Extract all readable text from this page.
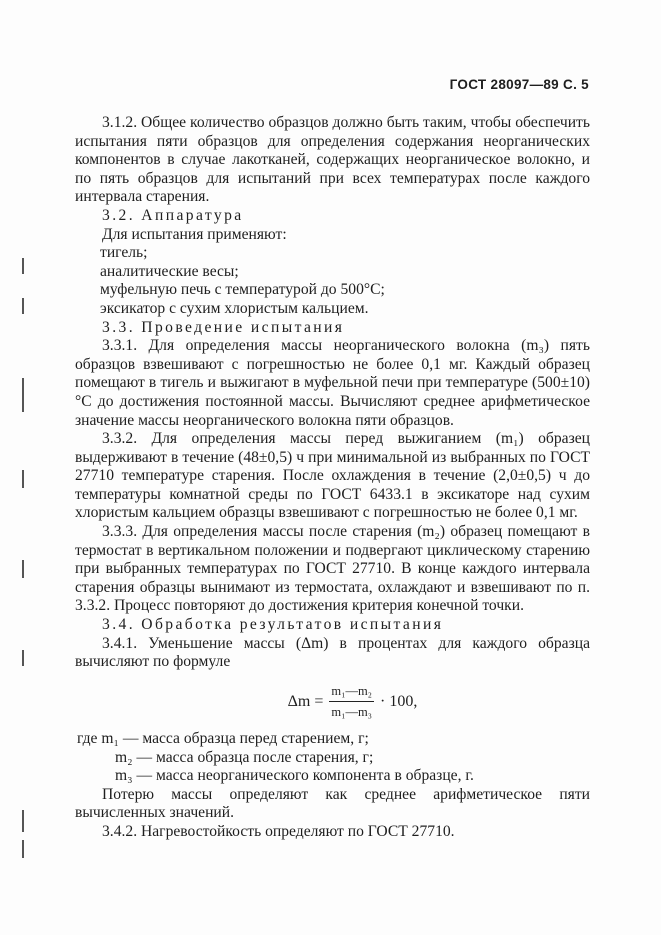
ГОСТ 28097—89 С. 5

3.1.2. Общее количество образцов должно быть таким, чтобы обеспечить испытания пяти образцов для определения содержания неорганических компонентов в случае лакотканей, содержащих неорганическое волокно, и по пять образцов для испытаний при всех температурах после каждого интервала старения.

3.2. Аппаратура

Для испытания применяют:

тигель;

аналитические весы;

муфельную печь с температурой до 500°С;

эксикатор с сухим хлористым кальцием.

3.3. Проведение испытания

3.3.1. Для определения массы неорганического волокна (m₃) пять образцов взвешивают с погрешностью не более 0,1 мг. Каждый образец помещают в тигель и выжигают в муфельной печи при температуре (500±10)°С до достижения постоянной массы. Вычисляют среднее арифметическое значение массы неорганического волокна пяти образцов.

3.3.2. Для определения массы перед выжиганием (m₁) образец выдерживают в течение (48±0,5) ч при минимальной из выбранных по ГОСТ 27710 температуре старения. После охлаждения в течение (2,0±0,5) ч до температуры комнатной среды по ГОСТ 6433.1 в эксикаторе над сухим хлористым кальцием образцы взвешивают с погрешностью не более 0,1 мг.

3.3.3. Для определения массы после старения (m₂) образец помещают в термостат в вертикальном положении и подвергают циклическому старению при выбранных температурах по ГОСТ 27710. В конце каждого интервала старения образцы вынимают из термостата, охлаждают и взвешивают по п. 3.3.2. Процесс повторяют до достижения критерия конечной точки.

3.4. Обработка результатов испытания

3.4.1. Уменьшение массы (Δm) в процентах для каждого образца вычисляют по формуле

$\Delta m = \frac{\text{m₁—m₂}}{\text{m₁—m₃}} \cdot 100$,

где m₁ — масса образца перед старением, г;

m₂ — масса образца после старения, г;

m₃ — масса неорганического компонента в образце, г.

Потерю массы определяют как среднее арифметическое пяти вычисленных значений.

3.4.2. Нагревостойкость определяют по ГОСТ 27710.
